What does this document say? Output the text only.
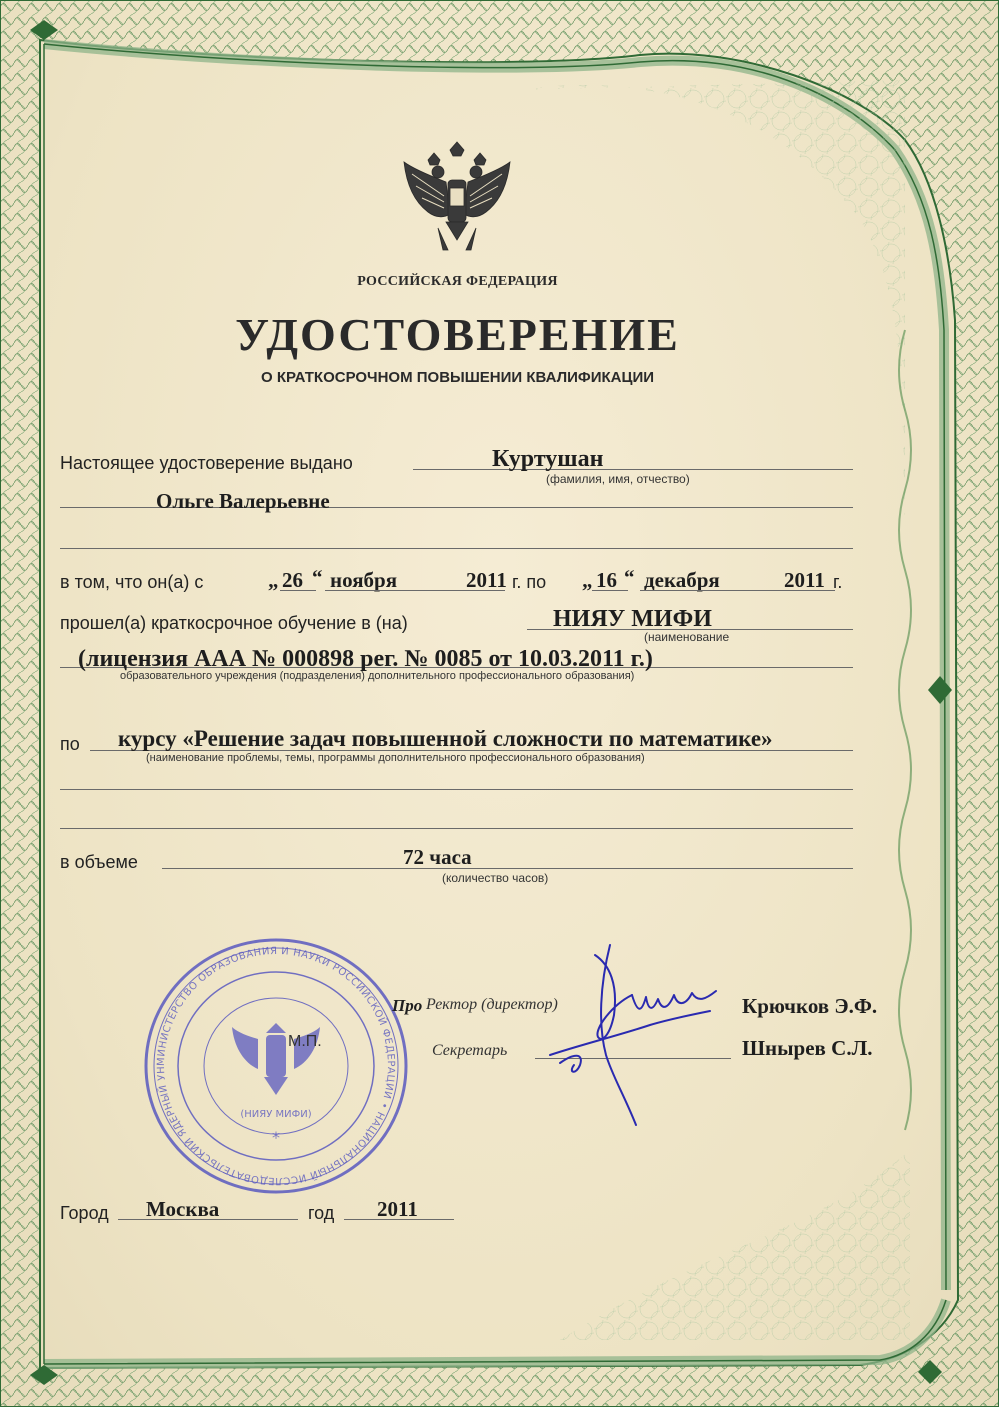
РОССИЙСКАЯ ФЕДЕРАЦИЯ
УДОСТОВЕРЕНИЕ
О КРАТКОСРОЧНОМ ПОВЫШЕНИИ КВАЛИФИКАЦИИ
Настоящее удостоверение выдано	Куртушан
(фамилия, имя, отчество)
Ольге Валерьевне
в том, что он(а) с	„ 26 “ ноября	2011 г. по „ 16 “ декабря	2011 г.
прошел(а) краткосрочное обучение в (на)	НИЯУ МИФИ
(наименование
(лицензия ААА № 000898 рег. № 0085 от 10.03.2011 г.)
образовательного учреждения (подразделения) дополнительного профессионального образования)
по курсу «Решение задач повышенной сложности по математике»
(наименование проблемы, темы, программы дополнительного профессионального образования)
в объеме	72 часа
(количество часов)
*
(НИЯУ МИФИ)
МИНИСТЕРСТВО ОБРАЗОВАНИЯ И НАУКИ РОССИЙСКОЙ ФЕДЕРАЦИИ • НАЦИОНАЛЬНЫЙ ИССЛЕДОВАТЕЛЬСКИЙ ЯДЕРНЫЙ УН
М.П.
Про Ректор (директор)	Крючков Э.Ф.
Секретарь	Шнырев С.Л.
Город Москва	год 2011
